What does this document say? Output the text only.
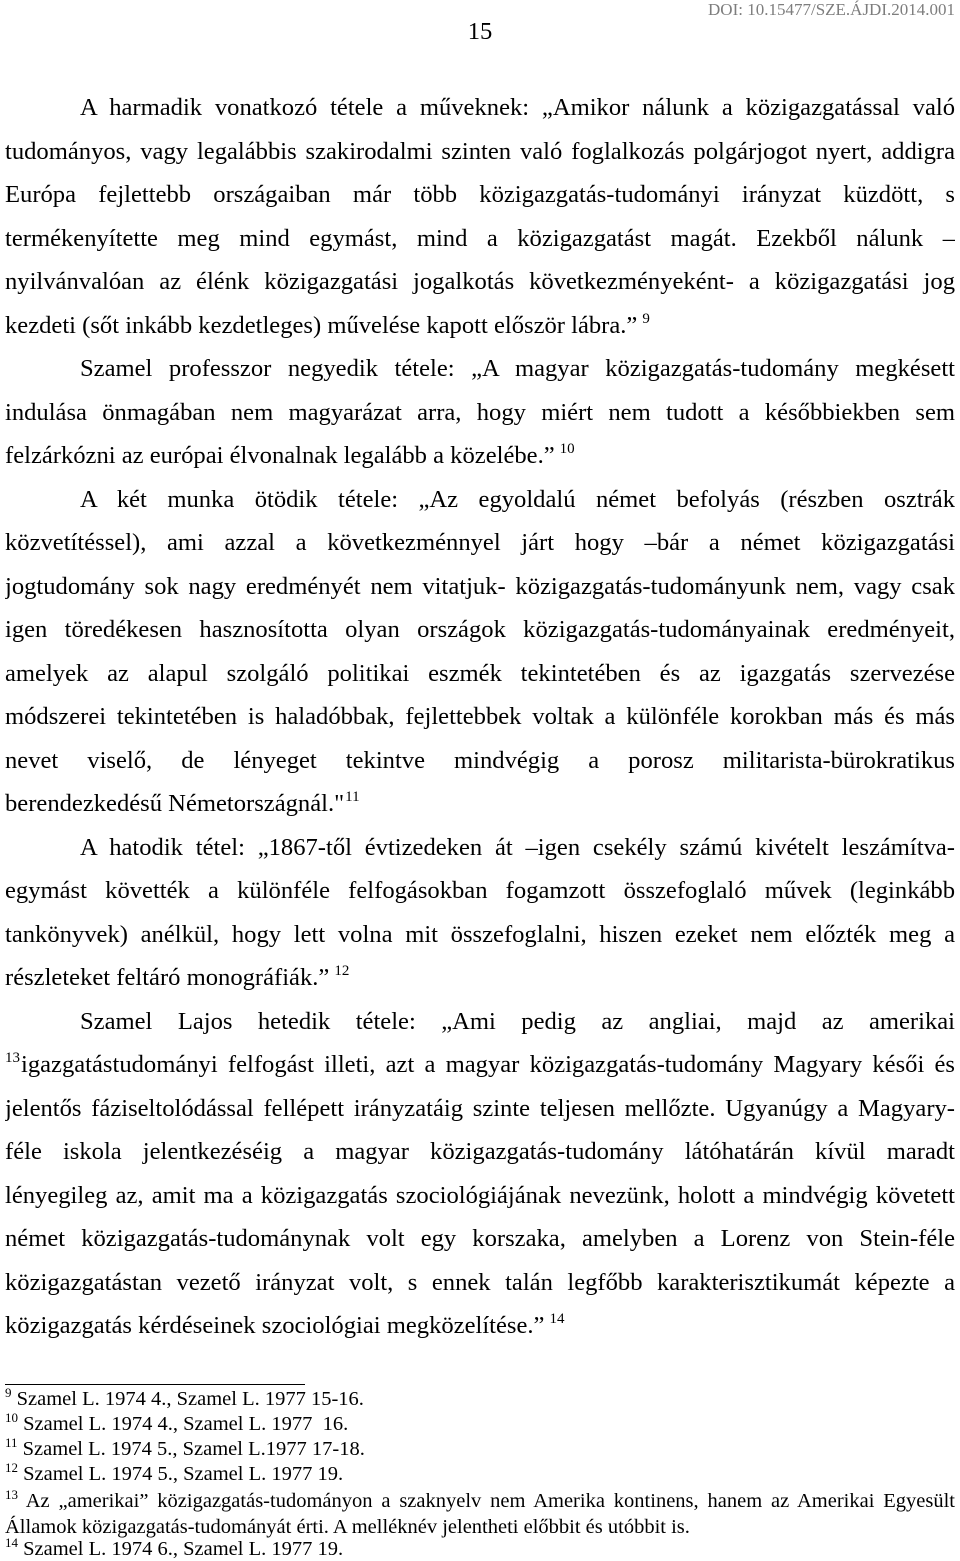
DOI: 10.15477/SZE.ÁJDI.2014.001
15
A harmadik vonatkozó tétele a műveknek: „Amikor nálunk a közigazgatással való
tudományos, vagy legalábbis szakirodalmi szinten való foglalkozás polgárjogot nyert, addigra
Európa fejlettebb országaiban már több közigazgatás-tudományi irányzat küzdött, s
termékenyítette meg mind egymást, mind a közigazgatást magát. Ezekből nálunk –
nyilvánvalóan az élénk közigazgatási jogalkotás következményeként- a közigazgatási jog
kezdeti (sőt inkább kezdetleges) művelése kapott először lábra.” $^9$
Szamel professzor negyedik tétele: „A magyar közigazgatás-tudomány megkésett
indulása önmagában nem magyarázat arra, hogy miért nem tudott a későbbiekben sem
felzárkózni az európai élvonalnak legalább a közelébe.” $^{10}$
A két munka ötödik tétele: „Az egyoldalú német befolyás (részben osztrák
közvetítéssel), ami azzal a következménnyel járt hogy –bár a német közigazgatási
jogtudomány sok nagy eredményét nem vitatjuk- közigazgatás-tudományunk nem, vagy csak
igen töredékesen hasznosította olyan országok közigazgatás-tudományainak eredményeit,
amelyek az alapul szolgáló politikai eszmék tekintetében és az igazgatás szervezése
módszerei tekintetében is haladóbbak, fejlettebbek voltak a különféle korokban más és más
nevet viselő, de lényeget tekintve mindvégig a porosz militarista-bürokratikus
berendezkedésű Németországnál."$^{11}$
A hatodik tétel: „1867-től évtizedeken át –igen csekély számú kivételt leszámítva-
egymást követték a különféle felfogásokban fogamzott összefoglaló művek (leginkább
tankönyvek) anélkül, hogy lett volna mit összefoglalni, hiszen ezeket nem előzték meg a
részleteket feltáró monográfiák.” $^{12}$
Szamel Lajos hetedik tétele: „Ami pedig az angliai, majd az amerikai
$^{13}$igazgatástudományi felfogást illeti, azt a magyar közigazgatás-tudomány Magyary késői és
jelentős fáziseltolódással fellépett irányzatáig szinte teljesen mellőzte. Ugyanúgy a Magyary-
féle iskola jelentkezéséig a magyar közigazgatás-tudomány látóhatárán kívül maradt
lényegileg az, amit ma a közigazgatás szociológiájának nevezünk, holott a mindvégig követett
német közigazgatás-tudománynak volt egy korszaka, amelyben a Lorenz von Stein-féle
közigazgatástan vezető irányzat volt, s ennek talán legfőbb karakterisztikumát képezte a
közigazgatás kérdéseinek szociológiai megközelítése.” $^{14}$
$^9$ Szamel L. 1974 4., Szamel L. 1977 15-16.
$^{10}$ Szamel L. 1974 4., Szamel L. 1977  16.
$^{11}$ Szamel L. 1974 5., Szamel L.1977 17-18.
$^{12}$ Szamel L. 1974 5., Szamel L. 1977 19.
$^{13}$ Az „amerikai” közigazgatás-tudományon a szaknyelv nem Amerika kontinens, hanem az Amerikai Egyesült
Államok közigazgatás-tudományát érti. A melléknév jelentheti előbbit és utóbbit is.
$^{14}$ Szamel L. 1974 6., Szamel L. 1977 19.
